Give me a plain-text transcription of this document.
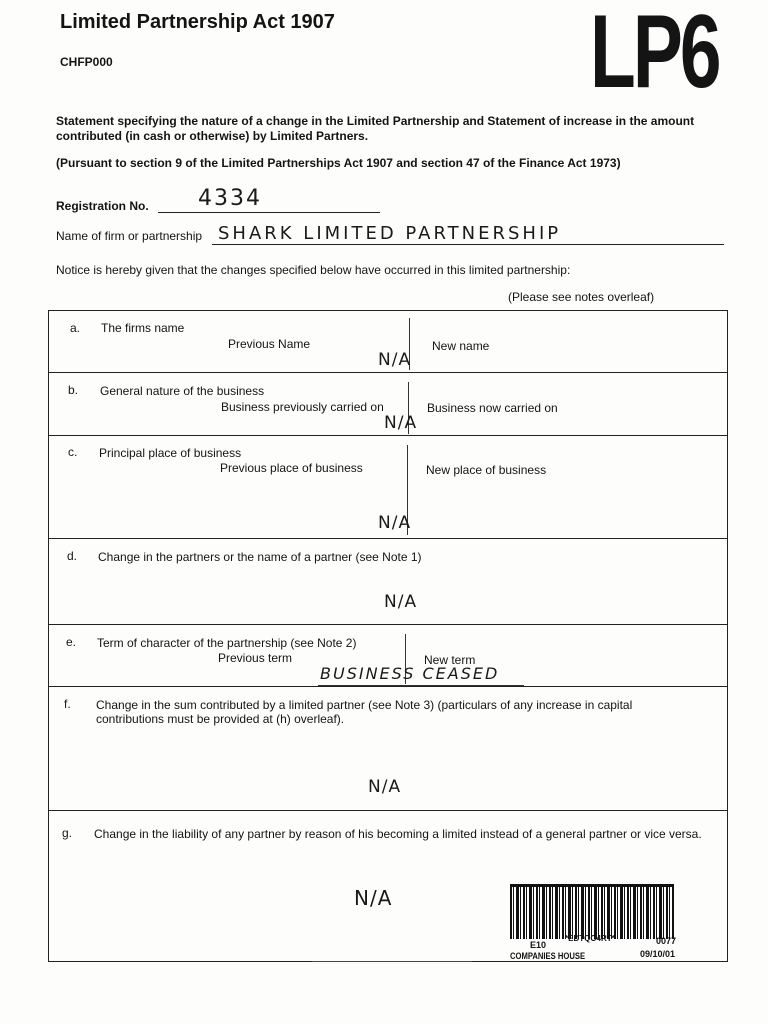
Limited Partnership Act 1907
CHFP000	LP6
Statement specifying the nature of a change in the Limited Partnership and Statement of increase in the amount contributed (in cash or otherwise) by Limited Partners.
(Pursuant to section 9 of the Limited Partnerships Act 1907 and section 47 of the Finance Act 1973)
Registration No. 4334
Name of firm or partnership SHARK LIMITED PARTNERSHIP
Notice is hereby given that the changes specified below have occurred in this limited partnership:
(Please see notes overleaf)
a. The firms name
Previous Name	New name
N/A
b. General nature of the business
Business previously carried on	Business now carried on
N/A
c. Principal place of business
Previous place of business	New place of business
N/A
d. Change in the partners or the name of a partner (see Note 1)
N/A
e. Term of character of the partnership (see Note 2)
Previous term	New term
BUSINESS CEASED
f. Change in the sum contributed by a limited partner (see Note 3) (particulars of any increase in capital contributions must be provided at (h) overleaf).
N/A
g. Change in the liability of any partner by reason of his becoming a limited instead of a general partner or vice versa.
N/A
*EDTQO4RT*
E10	0077
COMPANIES HOUSE	09/10/01
